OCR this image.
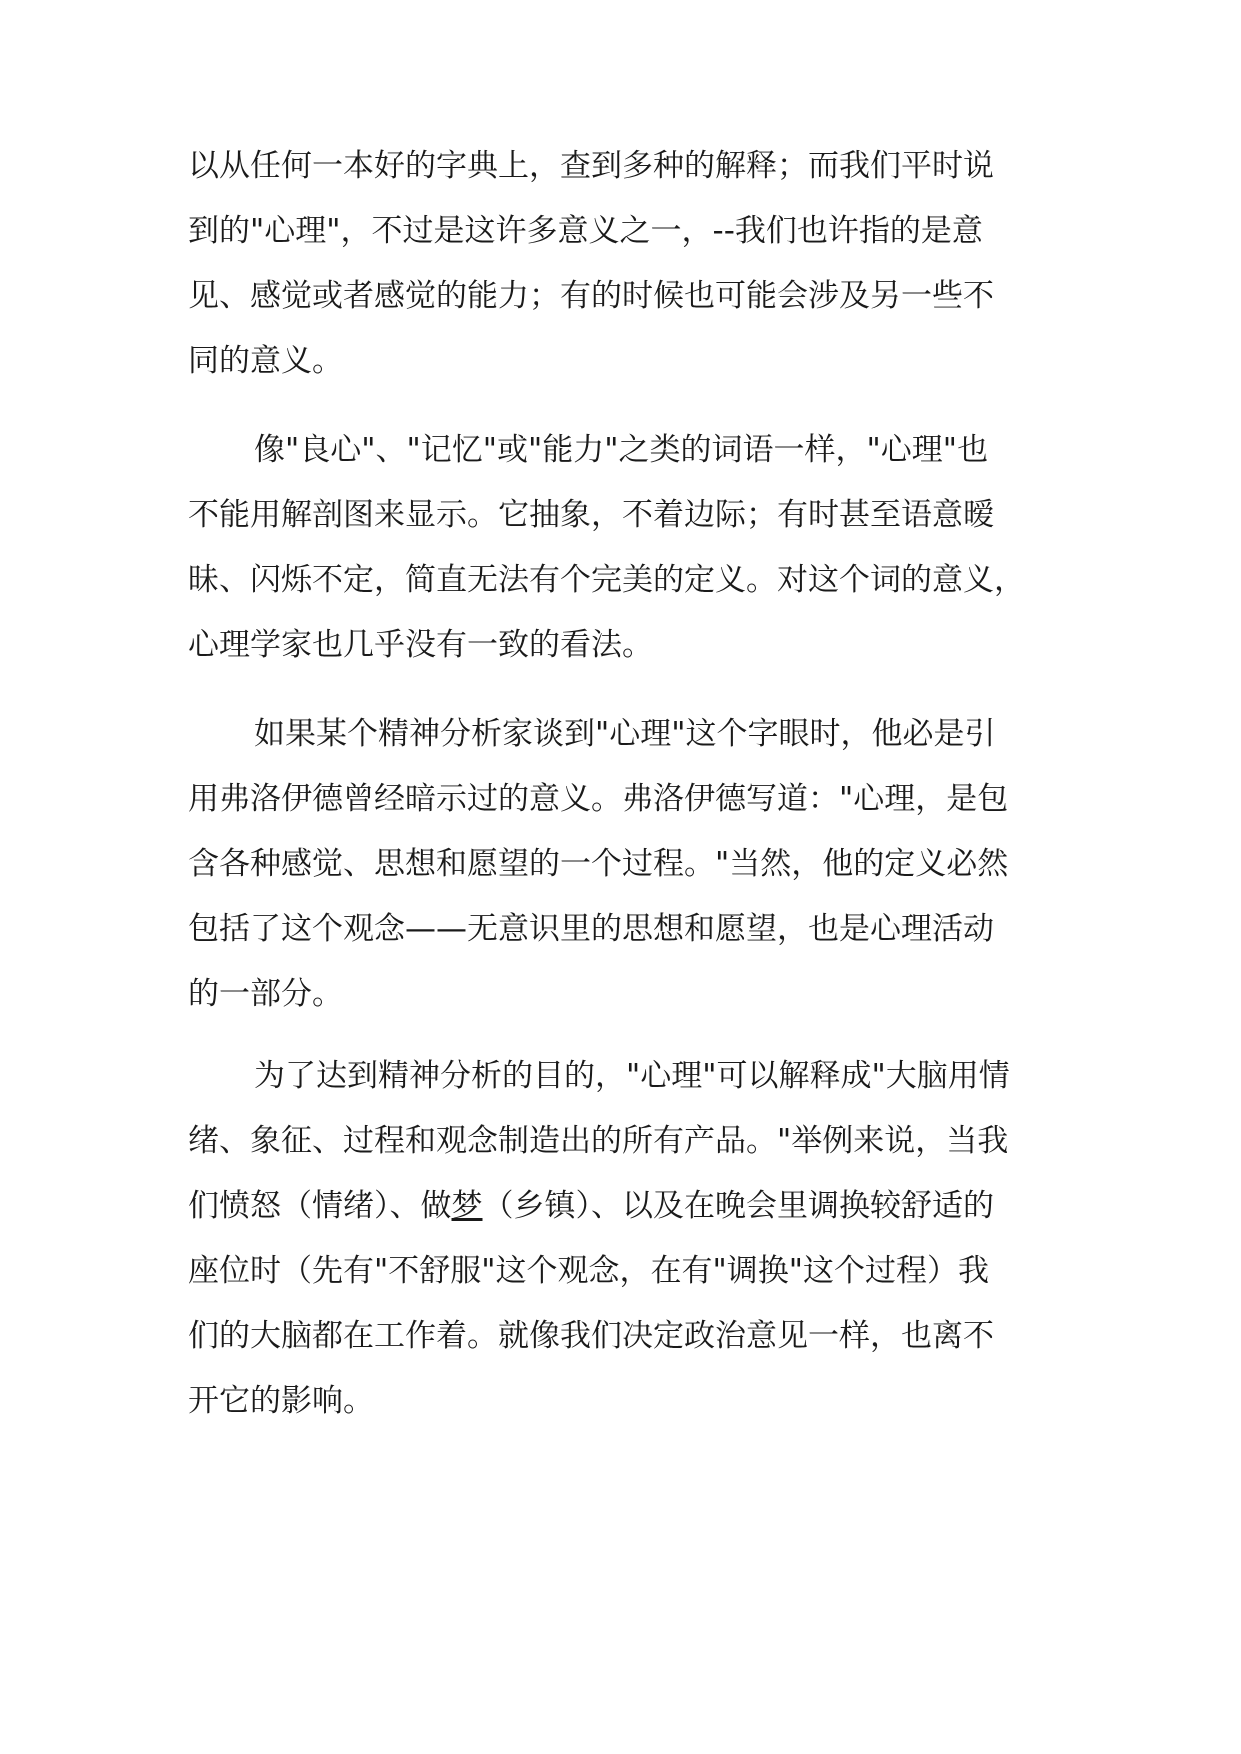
以从任何一本好的字典上，查到多种的解释；而我们平时说
到的"心理"，不过是这许多意义之一，--我们也许指的是意
见、感觉或者感觉的能力；有的时候也可能会涉及另一些不
同的意义。
像"良心"、"记忆"或"能力"之类的词语一样，"心理"也
不能用解剖图来显示。它抽象，不着边际；有时甚至语意暧
昧、闪烁不定，简直无法有个完美的定义。对这个词的意义，
心理学家也几乎没有一致的看法。
如果某个精神分析家谈到"心理"这个字眼时，他必是引
用弗洛伊德曾经暗示过的意义。弗洛伊德写道："心理，是包
含各种感觉、思想和愿望的一个过程。"当然，他的定义必然
包括了这个观念——无意识里的思想和愿望，也是心理活动
的一部分。
为了达到精神分析的目的，"心理"可以解释成"大脑用情
绪、象征、过程和观念制造出的所有产品。"举例来说，当我
们愤怒（情绪）、做梦（乡镇）、以及在晚会里调换较舒适的
座位时（先有"不舒服"这个观念，在有"调换"这个过程）我
们的大脑都在工作着。就像我们决定政治意见一样，也离不
开它的影响。
